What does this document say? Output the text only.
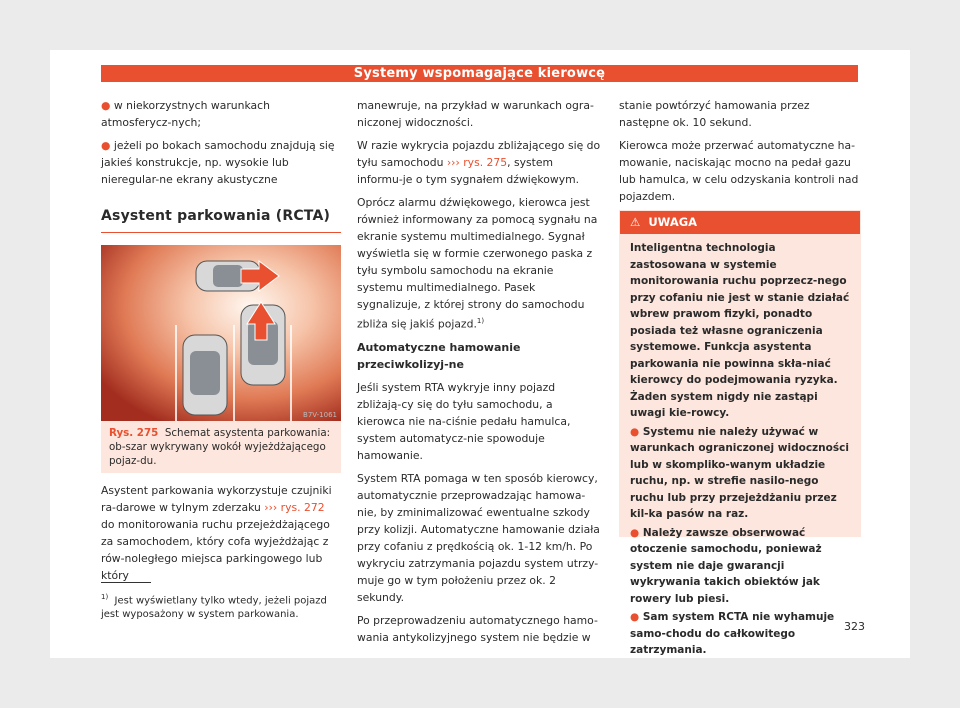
Systemy wspomagające kierowcę

● w niekorzystnych warunkach atmosferycz-nych;

● jeżeli po bokach samochodu znajdują się jakieś konstrukcje, np. wysokie lub nieregular-ne ekrany akustyczne

Asystent parkowania (RCTA)
B7V-1061
Rys. 275 Schemat asystenta parkowania: ob-szar wykrywany wokół wyjeżdżającego pojaz-du.
Asystent parkowania wykorzystuje czujniki ra-darowe w tylnym zderzaku ››› rys. 272 do monitorowania ruchu przejeżdżającego za samochodem, który cofa wyjeżdżając z rów-noległego miejsca parkingowego lub który

manewruje, na przykład w warunkach ogra-niczonej widoczności.

W razie wykrycia pojazdu zbliżającego się do tyłu samochodu ››› rys. 275, system informu-je o tym sygnałem dźwiękowym.

Oprócz alarmu dźwiękowego, kierowca jest również informowany za pomocą sygnału na ekranie systemu multimedialnego. Sygnał wyświetla się w formie czerwonego paska z tyłu symbolu samochodu na ekranie systemu multimedialnego. Pasek sygnalizuje, z której strony do samochodu zbliża się jakiś pojazd.$^{1)}$

Automatyczne hamowanie przeciwkolizyj-ne

Jeśli system RTA wykryje inny pojazd zbliżają-cy się do tyłu samochodu, a kierowca nie na-ciśnie pedału hamulca, system automatycz-nie spowoduje hamowanie.

System RTA pomaga w ten sposób kierowcy, automatycznie przeprowadzając hamowa-nie, by zminimalizować ewentualne szkody przy kolizji. Automatyczne hamowanie działa przy cofaniu z prędkością ok. 1-12 km/h. Po wykryciu zatrzymania pojazdu system utrzy-muje go w tym położeniu przez ok. 2 sekundy.

Po przeprowadzeniu automatycznego hamo-wania antykolizyjnego system nie będzie w

stanie powtórzyć hamowania przez następne ok. 10 sekund.

Kierowca może przerwać automatyczne ha-mowanie, naciskając mocno na pedał gazu lub hamulca, w celu odzyskania kontroli nad pojazdem.

⚠ UWAGA

Inteligentna technologia zastosowana w systemie monitorowania ruchu poprzecz-nego przy cofaniu nie jest w stanie działać wbrew prawom fizyki, ponadto posiada też własne ograniczenia systemowe. Funkcja asystenta parkowania nie powinna skła-niać kierowcy do podejmowania ryzyka. Żaden system nigdy nie zastąpi uwagi kie-rowcy.

● Systemu nie należy używać w warunkach ograniczonej widoczności lub w skompliko-wanym układzie ruchu, np. w strefie nasilo-nego ruchu lub przy przejeżdżaniu przez kil-ka pasów na raz.

● Należy zawsze obserwować otoczenie samochodu, ponieważ system nie daje gwarancji wykrywania takich obiektów jak rowery lub piesi.

● Sam system RCTA nie wyhamuje samo-chodu do całkowitego zatrzymania.

$^{1)}$ Jest wyświetlany tylko wtedy, jeżeli pojazd jest wyposażony w system parkowania.
323
